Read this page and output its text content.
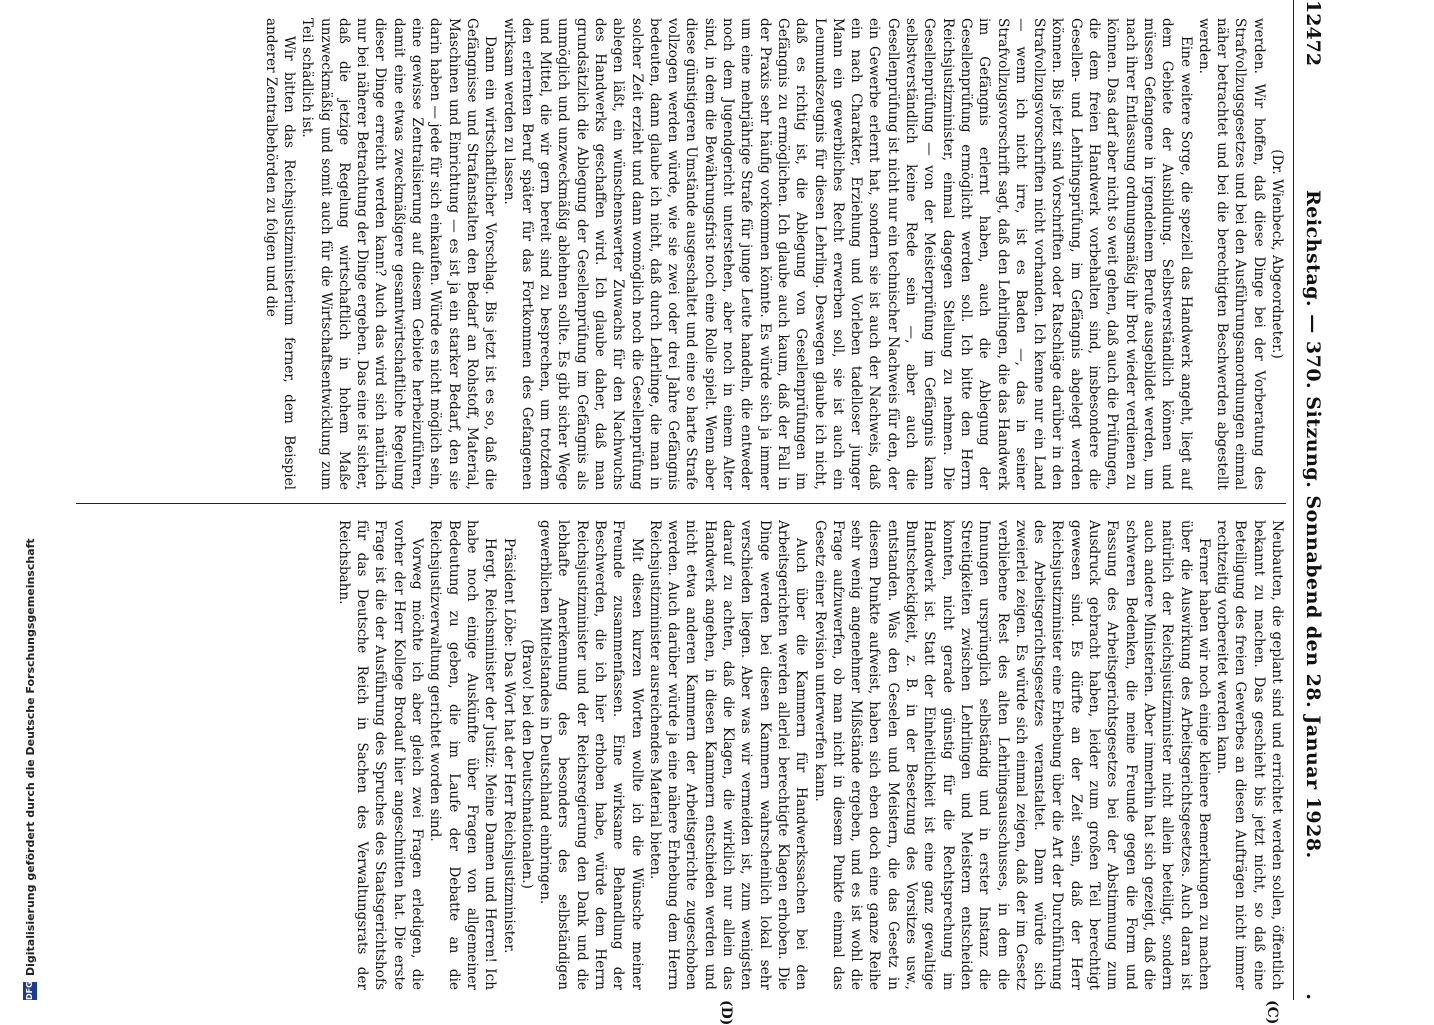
12472
Reichstag. — 370. Sitzung. Sonnabend den 28. Januar 1928.
.
(C)
(D)

(Dr. Wienbeck, Abgeordneter.)

werden. Wir hoffen, daß diese Dinge bei der Vorberatung des Strafvollzugsgesetzes und bei den Ausführungsanordnungen einmal näher betrachtet und bei die berechtigten Beschwerden abgestellt werden.

Eine weitere Sorge, die speziell das Handwerk angeht, liegt auf dem Gebiete der Ausbildung. Selbstverständlich können und müssen Gefangene in irgendeinem Berufe ausgebildet werden, um nach ihrer Entlassung ordnungsmäßig ihr Brot wieder verdienen zu können. Das darf aber nicht so weit gehen, daß auch die Prüfungen, die dem freien Handwerk vorbehalten sind, insbesondere die Gesellen- und Lehrlingsprüfung, im Gefängnis abgelegt werden können. Bis jetzt sind Vorschriften oder Ratschläge darüber in den Strafvollzugsvorschriften nicht vorhanden. Ich kenne nur ein Land — wenn ich nicht irre, ist es Baden —, das in seiner Strafvollzugsvorschrift sagt, daß den Lehrlingen, die das Handwerk im Gefängnis erlernt haben, auch die Ablegung der Gesellenprüfung ermöglicht werden soll. Ich bitte den Herrn Reichsjustizminister, einmal dagegen Stellung zu nehmen. Die Gesellenprüfung — von der Meisterprüfung im Gefängnis kann selbstverständlich keine Rede sein —, aber auch die Gesellenprüfung ist nicht nur ein technischer Nachweis für den, der ein Gewerbe erlernt hat, sondern sie ist auch der Nachweis, daß ein nach Charakter, Erziehung und Vorleben tadelloser junger Mann ein gewerbliches Recht erwerben soll, sie ist auch ein Leumundszeugnis für diesen Lehrling. Deswegen glaube ich nicht, daß es richtig ist, die Ablegung von Gesellenprüfungen im Gefängnis zu ermöglichen. Ich glaube auch kaum, daß der Fall in der Praxis sehr häufig vorkommen könnte. Es würde sich ja immer um eine mehrjährige Strafe für junge Leute handeln, die entweder noch dem Jugendgericht unterstehen, aber noch in einem Alter sind, in dem die Bewährungsfrist noch eine Rolle spielt. Wenn aber diese günstigeren Umstände ausgeschaltet und eine so harte Strafe vollzogen werden würde, wie sie zwei oder drei Jahre Gefängnis bedeuten, dann glaube ich nicht, daß durch Lehrlinge, die man in solcher Zeit erzieht und dann womöglich noch die Gesellenprüfung ablegen läßt, ein wünschenswerter Zuwachs für den Nachwuchs des Handwerks geschaffen wird. Ich glaube daher, daß man grundsätzlich die Ablegung der Gesellenprüfung im Gefängnis als unmöglich und unzweckmäßig ablehnen sollte. Es gibt sicher Wege und Mittel, die wir gern bereit sind zu besprechen, um trotzdem den erlernten Beruf später für das Fortkommen des Gefangenen wirksam werden zu lassen.

Dann ein wirtschaftlicher Vorschlag. Bis jetzt ist es so, daß die Gefängnisse und Strafanstalten den Bedarf an Rohstoff, Material, Maschinen und Einrichtung — es ist ja ein starker Bedarf, den sie darin haben — jede für sich einkaufen. Würde es nicht möglich sein, eine gewisse Zentralisierung auf diesem Gebiete herbeizuführen, damit eine etwas zweckmäßigere gesamtwirtschaftliche Regelung dieser Dinge erreicht werden kann? Auch das wird sich natürlich nur bei näherer Betrachtung der Dinge ergeben. Das eine ist sicher, daß die jetzige Regelung wirtschaftlich in hohem Maße unzweckmäßig und somit auch für die Wirtschaftsentwicklung zum Teil schädlich ist.

Wir bitten das Reichsjustizministerium ferner, dem Beispiel anderer Zentralbehörden zu folgen und die

Neubauten, die geplant sind und errichtet werden sollen, öffentlich bekannt zu machen. Das geschieht bis jetzt nicht, so daß eine Beteiligung des freien Gewerbes an diesen Aufträgen nicht immer rechtzeitig vorbereitet werden kann.

Ferner haben wir noch einige kleinere Bemerkungen zu machen über die Auswirkung des Arbeitsgerichtsgesetzes. Auch daran ist natürlich der Reichsjustizminister nicht allein beteiligt, sondern auch andere Ministerien. Aber immerhin hat sich gezeigt, daß die schweren Bedenken, die meine Freunde gegen die Form und Fassung des Arbeitsgerichtsgesetzes bei der Abstimmung zum Ausdruck gebracht haben, leider zum großen Teil berechtigt gewesen sind. Es dürfte an der Zeit sein, daß der Herr Reichsjustizminister eine Erhebung über die Art der Durchführung des Arbeitsgerichtsgesetzes veranstaltet. Dann würde sich zweierlei zeigen. Es würde sich einmal zeigen, daß der im Gesetz verbliebene Rest des alten Lehrlingsausschusses, in dem die Innungen ursprünglich selbständig und in erster Instanz die Streitigkeiten zwischen Lehrlingen und Meistern entscheiden konnten, nicht gerade günstig für die Rechtsprechung im Handwerk ist. Statt der Einheitlichkeit ist eine ganz gewaltige Buntscheckigkeit, z. B. in der Besetzung des Vorsitzes usw., entstanden. Was den Geselen und Meistern, die das Gesetz in diesem Punkte aufweist, haben sich eben doch eine ganze Reihe sehr wenig angenehmer Mißstände ergeben, und es ist wohl die Frage aufzuwerfen, ob man nicht in diesem Punkte einmal das Gesetz einer Revision unterwerfen kann.

Auch über die Kammern für Handwerkssachen bei den Arbeitsgerichten werden allerlei berechtigte Klagen erhoben. Die Dinge werden bei diesen Kammern wahrscheinlich lokal sehr verschieden liegen. Aber was wir vermeiden ist, zum wenigsten darauf zu achten, daß die Klagen, die wirklich nur allein das Handwerk angehen, in diesen Kammern entschieden werden und nicht etwa anderen Kammern der Arbeitsgerichte zugeschoben werden. Auch darüber würde ja eine nähere Erhebung dem Herrn Reichsjustizminister ausreichendes Material bieten.

Mit diesen kurzen Worten wollte ich die Wünsche meiner Freunde zusammenfassen. Eine wirksame Behandlung der Beschwerden, die ich hier erhoben habe, würde dem Herrn Reichsjustizminister und der Reichsregierung den Dank und die lebhafte Anerkennung des besonders des selbständigen gewerblichen Mittelstandes in Deutschland einbringen.

(Bravo! bei den Deutschnationalen.)

Präsident Löbe: Das Wort hat der Herr Reichsjustizminister.

Hergt, Reichsminister der Justiz: Meine Damen und Herren! Ich habe noch einige Auskünfte über Fragen von allgemeiner Bedeutung zu geben, die im Laufe der Debatte an die Reichsjustizverwaltung gerichtet worden sind.

Vorweg möchte ich aber gleich zwei Fragen erledigen, die vorher der Herr Kollege Brodauf hier angeschnitten hat. Die erste Frage ist die der Ausführung des Spruches des Staatsgerichtshofs für das Deutsche Reich in Sachen des Verwaltungsrats der Reichsbahn.

DFG
Digitalisierung gefördert durch die Deutsche Forschungsgemeinschaft
